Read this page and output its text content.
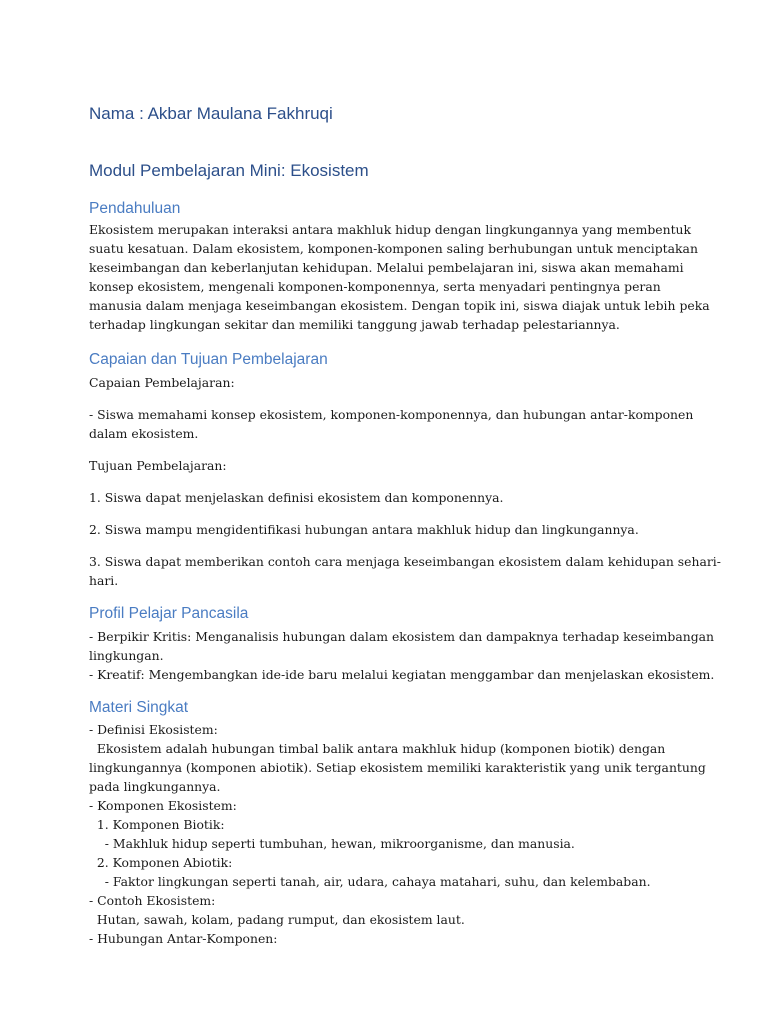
Nama : Akbar Maulana Fakhruqi
Modul Pembelajaran Mini: Ekosistem
Pendahuluan
Ekosistem merupakan interaksi antara makhluk hidup dengan lingkungannya yang membentuk
suatu kesatuan. Dalam ekosistem, komponen-komponen saling berhubungan untuk menciptakan
keseimbangan dan keberlanjutan kehidupan. Melalui pembelajaran ini, siswa akan memahami
konsep ekosistem, mengenali komponen-komponennya, serta menyadari pentingnya peran
manusia dalam menjaga keseimbangan ekosistem. Dengan topik ini, siswa diajak untuk lebih peka
terhadap lingkungan sekitar dan memiliki tanggung jawab terhadap pelestariannya.
Capaian dan Tujuan Pembelajaran
Capaian Pembelajaran:
- Siswa memahami konsep ekosistem, komponen-komponennya, dan hubungan antar-komponen
dalam ekosistem.
Tujuan Pembelajaran:
1. Siswa dapat menjelaskan definisi ekosistem dan komponennya.
2. Siswa mampu mengidentifikasi hubungan antara makhluk hidup dan lingkungannya.
3. Siswa dapat memberikan contoh cara menjaga keseimbangan ekosistem dalam kehidupan sehari-
hari.
Profil Pelajar Pancasila
- Berpikir Kritis: Menganalisis hubungan dalam ekosistem dan dampaknya terhadap keseimbangan
lingkungan.
- Kreatif: Mengembangkan ide-ide baru melalui kegiatan menggambar dan menjelaskan ekosistem.
Materi Singkat
- Definisi Ekosistem:
Ekosistem adalah hubungan timbal balik antara makhluk hidup (komponen biotik) dengan
lingkungannya (komponen abiotik). Setiap ekosistem memiliki karakteristik yang unik tergantung
pada lingkungannya.
- Komponen Ekosistem:
1. Komponen Biotik:
- Makhluk hidup seperti tumbuhan, hewan, mikroorganisme, dan manusia.
2. Komponen Abiotik:
- Faktor lingkungan seperti tanah, air, udara, cahaya matahari, suhu, dan kelembaban.
- Contoh Ekosistem:
Hutan, sawah, kolam, padang rumput, dan ekosistem laut.
- Hubungan Antar-Komponen:
